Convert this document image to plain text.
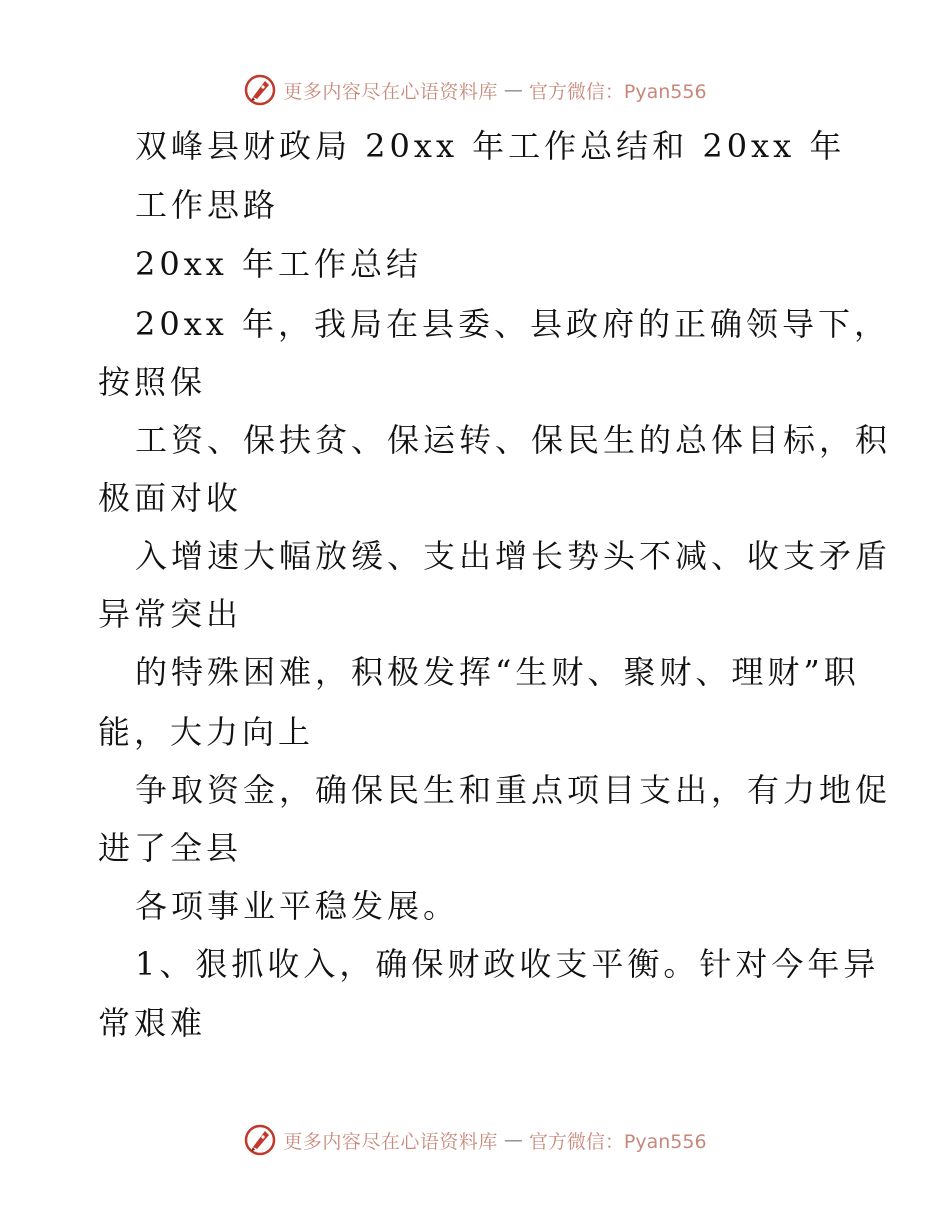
更多内容尽在心语资料库 — 官方微信：Pyan556
双峰县财政局 20xx 年工作总结和 20xx 年
工作思路
20xx 年工作总结
20xx 年，我局在县委、县政府的正确领导下，
按照保
工资、保扶贫、保运转、保民生的总体目标，积
极面对收
入增速大幅放缓、支出增长势头不减、收支矛盾
异常突出
的特殊困难，积极发挥“生财、聚财、理财”职
能，大力向上
争取资金，确保民生和重点项目支出，有力地促
进了全县
各项事业平稳发展。
1、狠抓收入，确保财政收支平衡。针对今年异
常艰难
更多内容尽在心语资料库 — 官方微信：Pyan556
